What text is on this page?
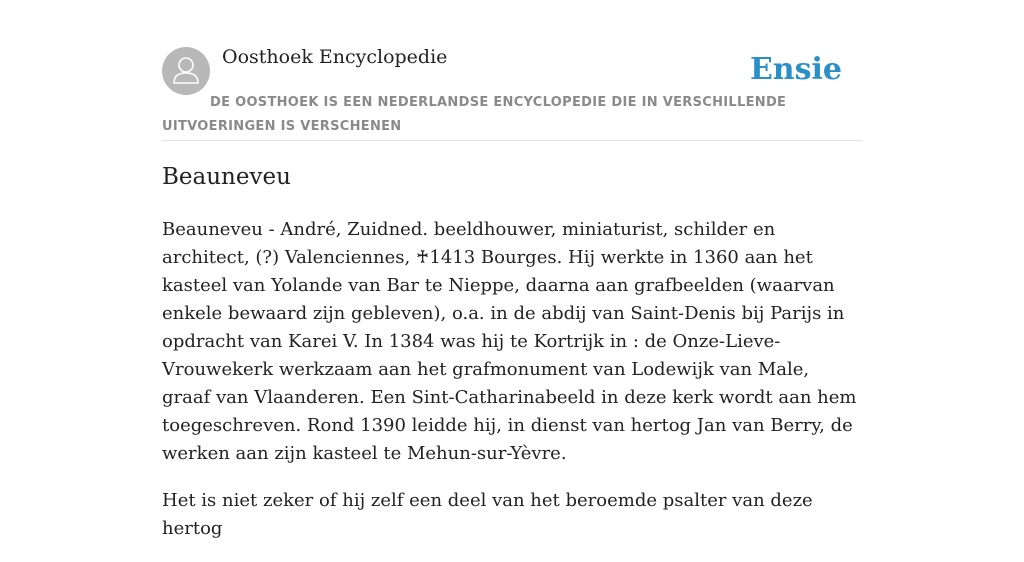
Oosthoek Encyclopedie	Ensie
DE OOSTHOEK IS EEN NEDERLANDSE ENCYCLOPEDIE DIE IN VERSCHILLENDE UITVOERINGEN IS VERSCHENEN
Beauneveu

Beauneveu - André, Zuidned. beeldhouwer, miniaturist, schilder en architect, (?) Valenciennes, ♰1413 Bourges. Hij werkte in 1360 aan het kasteel van Yolande van Bar te Nieppe, daarna aan grafbeelden (waarvan enkele bewaard zijn gebleven), o.a. in de abdij van Saint-Denis bij Parijs in opdracht van Karei V. In 1384 was hij te Kortrijk in : de Onze-Lieve-Vrouwekerk werkzaam aan het grafmonument van Lodewijk van Male, graaf van Vlaanderen. Een Sint-Catharinabeeld in deze kerk wordt aan hem toegeschreven. Rond 1390 leidde hij, in dienst van hertog Jan van Berry, de werken aan zijn kasteel te Mehun-sur-Yèvre.

Het is niet zeker of hij zelf een deel van het beroemde psalter van deze hertog
